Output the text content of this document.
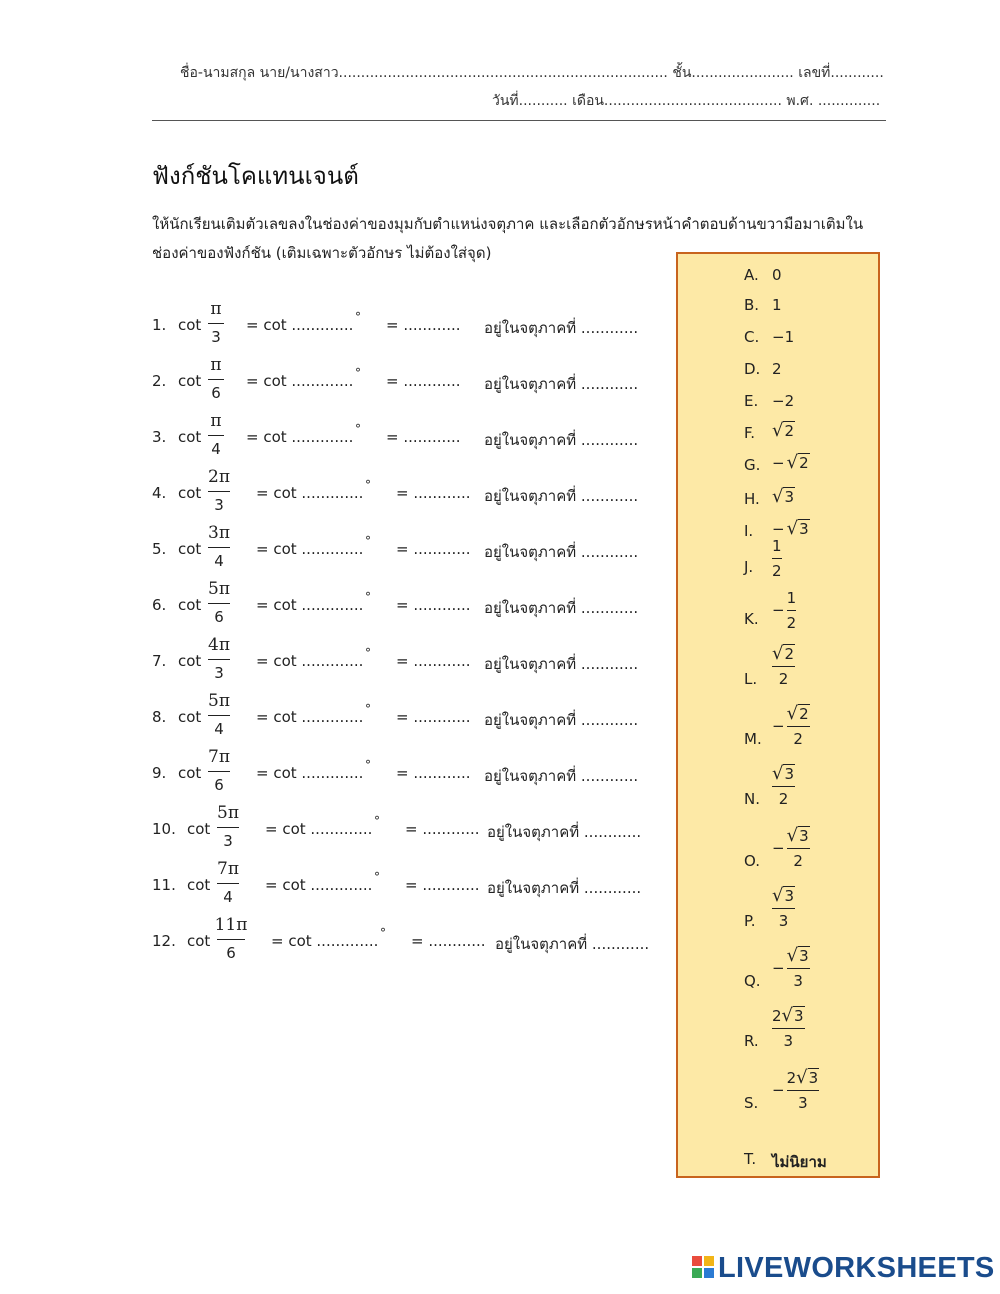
ชื่อ-นามสกุล นาย/นางสาว.......................................................................... ชั้น....................... เลขที่............
วันที่........... เดือน........................................ พ.ศ. ..............
ฟังก์ชันโคแทนเจนต์
ให้นักเรียนเติมตัวเลขลงในช่องค่าของมุมกับตำแหน่งจตุภาค และเลือกตัวอักษรหน้าคำตอบด้านขวามือมาเติมในช่องค่าของฟังก์ชัน (เติมเฉพาะตัวอักษร ไม่ต้องใส่จุด)
1. cot
π
3
= cot ............. ° = ............ อยู่ในจตุภาคที่ ............
2. cot
π
6
= cot ............. ° = ............ อยู่ในจตุภาคที่ ............
3. cot
π
4
= cot ............. ° = ............ อยู่ในจตุภาคที่ ............
4. cot
2π
3
= cot ............. ° = ............ อยู่ในจตุภาคที่ ............
5. cot
3π
4
= cot ............. ° = ............ อยู่ในจตุภาคที่ ............
6. cot
5π
6
= cot ............. ° = ............ อยู่ในจตุภาคที่ ............
7. cot
4π
3
= cot ............. ° = ............ อยู่ในจตุภาคที่ ............
8. cot
5π
4
= cot ............. ° = ............ อยู่ในจตุภาคที่ ............
9. cot
7π
6
= cot ............. ° = ............ อยู่ในจตุภาคที่ ............
10. cot
5π
3
= cot ............. ° = ............ อยู่ในจตุภาคที่ ............
11. cot
7π
4
= cot ............. ° = ............ อยู่ในจตุภาคที่ ............
12. cot
11π
6
= cot ............. ° = ............ อยู่ในจตุภาคที่ ............
A. 0
B. 1
C. −1
D. 2
E. −2
F. √2
G. − √2
H. √3
I. − √3
J. $\frac{1}{2}$
K. − $\frac{1}{2}$
L. $\frac{√2}{2}$
M.
− $\frac{√2}{2}$
N. $\frac{√3}{2}$
O.
− $\frac{√3}{2}$
P. $\frac{√3}{3}$
Q.
− $\frac{√3}{3}$
R. $\frac{2√3}{3}$
S.
− $\frac{2√3}{3}$
T. ไม่นิยาม
LIVEWORKSHEETS
